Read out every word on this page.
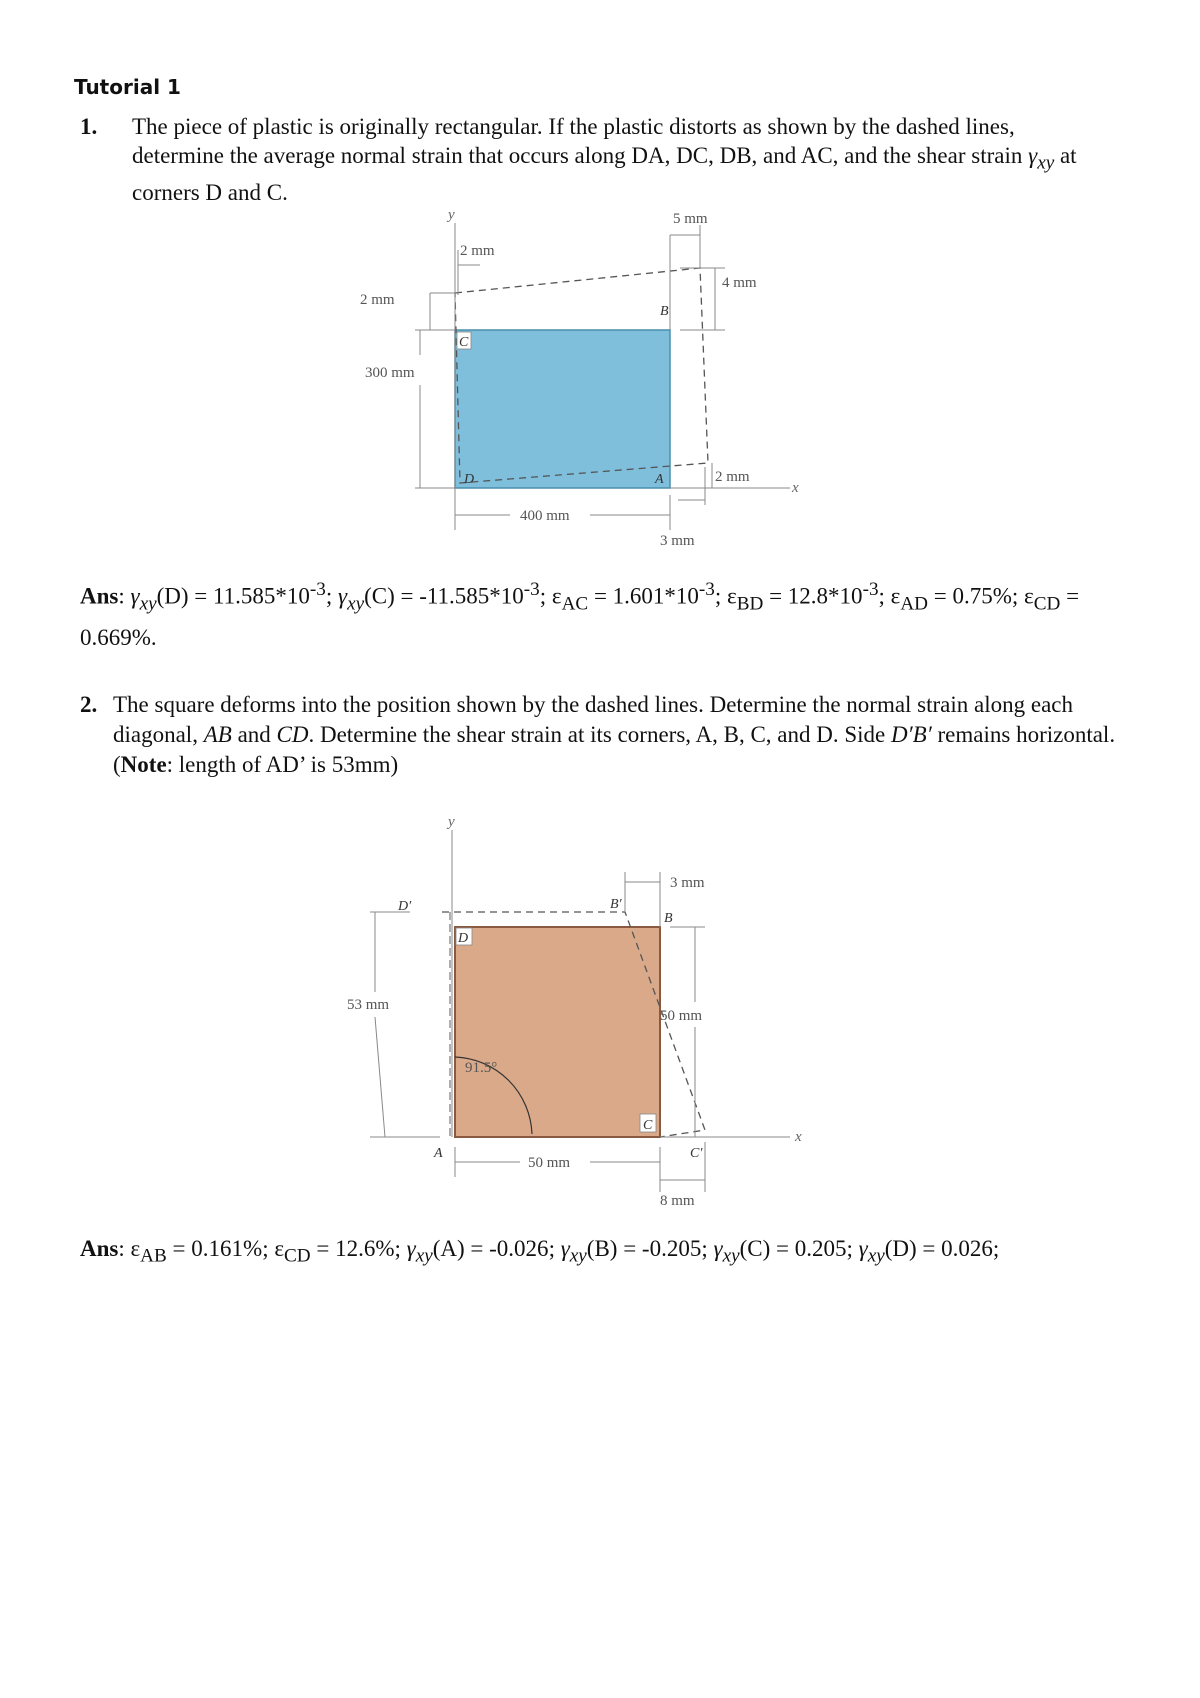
Tutorial 1
1. The piece of plastic is originally rectangular. If the plastic distorts as shown by the dashed lines, determine the average normal strain that occurs along DA, DC, DB, and AC, and the shear strain $\gamma_{xy}$ at corners D and C.
y
x
5 mm
2 mm
4 mm
2 mm
300 mm
400 mm
3 mm
2 mm
C
B
D	A
Ans: $\gamma_{xy}(D) = 11.585*10^{-3}$; $\gamma_{xy}(C) = -11.585*10^{-3}$; $\varepsilon_{AC} = 1.601*10^{-3}$; $\varepsilon_{BD} = 12.8*10^{-3}$; $\varepsilon_{AD} = 0.75\%$; $\varepsilon_{CD} = 0.669\%$.
2. The square deforms into the position shown by the dashed lines. Determine the normal strain along each diagonal, AB and CD. Determine the shear strain at its corners, A, B, C, and D. Side D′B′ remains horizontal. (Note: length of AD’ is 53mm)
y
x
3 mm
D′	B′
B
D
53 mm
50 mm
91.5°
C
C′
A
50 mm
8 mm
Ans: $\varepsilon_{AB} = 0.161\%$; $\varepsilon_{CD} = 12.6\%$; $\gamma_{xy}(A) = -0.026$; $\gamma_{xy}(B) = -0.205$; $\gamma_{xy}(C) = 0.205$; $\gamma_{xy}(D) = 0.026$;
